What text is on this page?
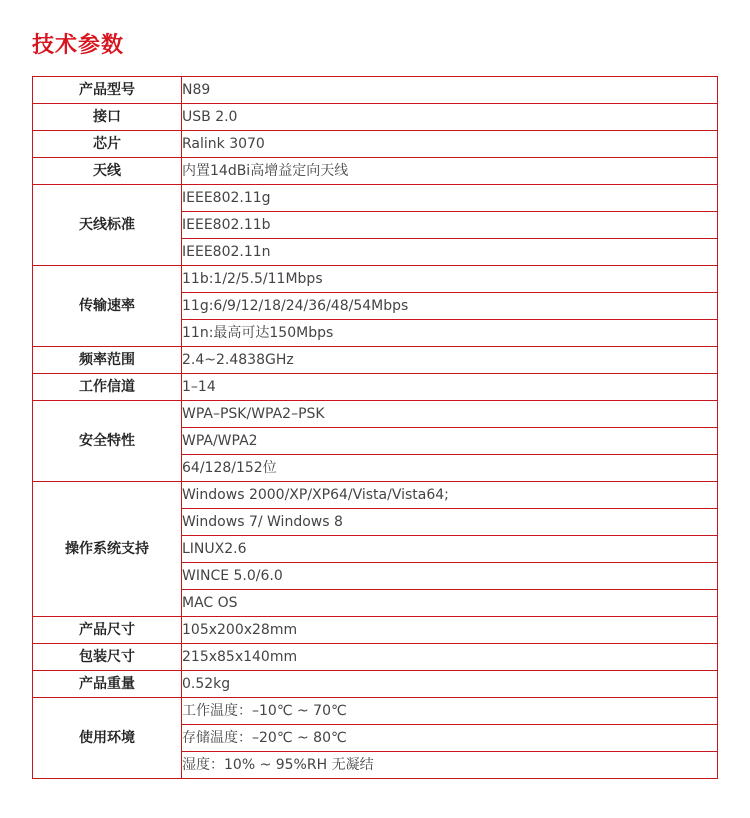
技术参数
产品型号	N89
接口	USB 2.0
芯片	Ralink 3070
天线	内置14dBi高增益定向天线
天线标准	IEEE802.11g
	IEEE802.11b
	IEEE802.11n
传输速率	11b:1/2/5.5/11Mbps
	11g:6/9/12/18/24/36/48/54Mbps
	11n:最高可达150Mbps
频率范围	2.4~2.4838GHz
工作信道	1–14
安全特性	WPA–PSK/WPA2–PSK
	WPA/WPA2
	64/128/152位
操作系统支持	Windows 2000/XP/XP64/Vista/Vista64;
	Windows 7/ Windows 8
	LINUX2.6
	WINCE 5.0/6.0
	MAC OS
产品尺寸	105x200x28mm
包装尺寸	215x85x140mm
产品重量	0.52kg
使用环境	工作温度：–10℃ ~ 70℃
	存储温度：–20℃ ~ 80℃
	湿度：10% ~ 95%RH 无凝结
